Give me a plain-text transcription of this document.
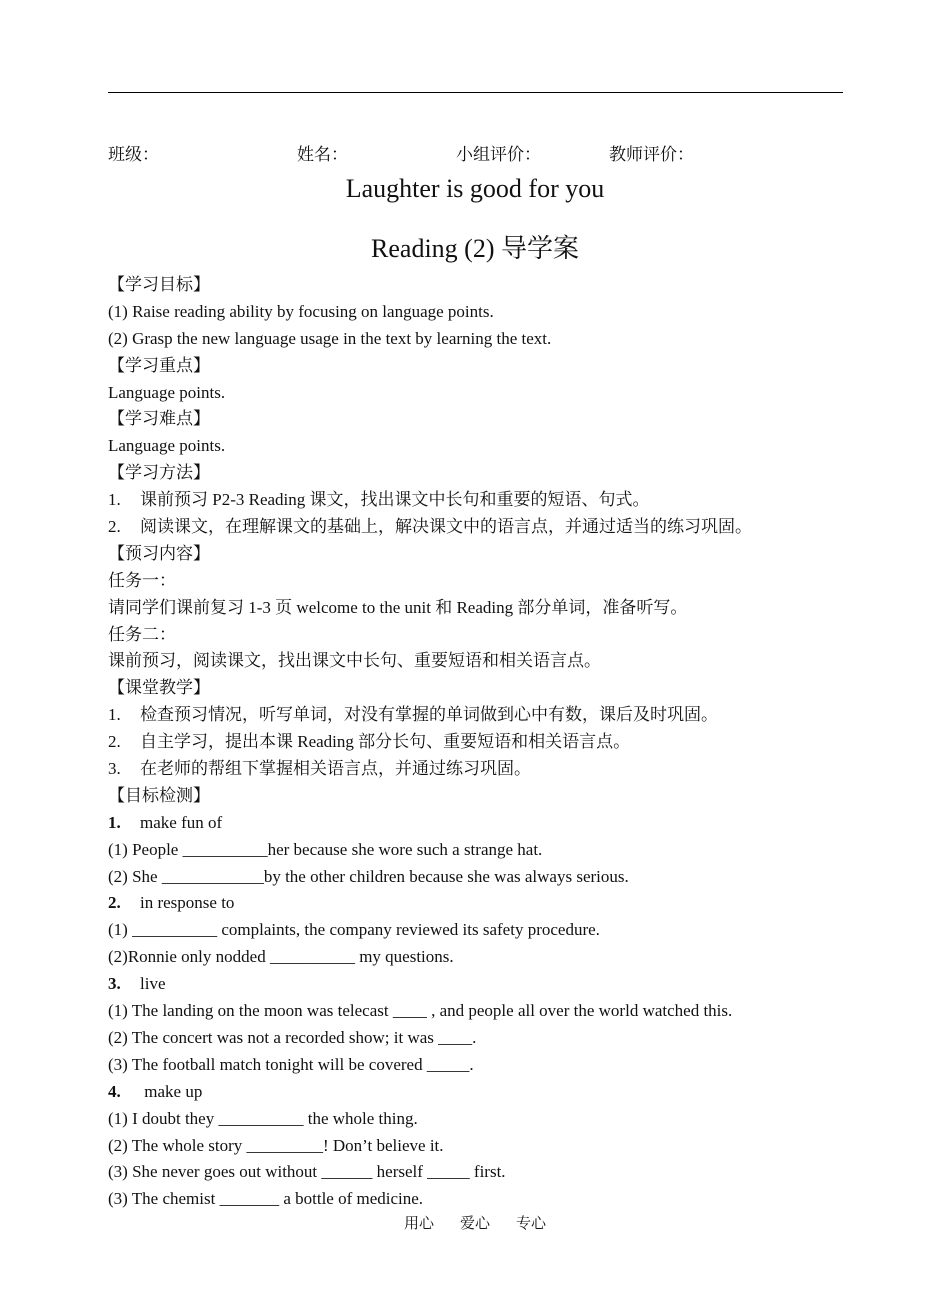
班级：	姓名：	小组评价：	教师评价：
Laughter is good for you
Reading (2) 导学案
【学习目标】
(1) Raise reading ability by focusing on language points.
(2) Grasp the new language usage in the text by learning the text.
【学习重点】
Language points.
【学习难点】
Language points.
【学习方法】
1. 课前预习 P2-3 Reading 课文，找出课文中长句和重要的短语、句式。
2. 阅读课文，在理解课文的基础上，解决课文中的语言点，并通过适当的练习巩固。
【预习内容】
任务一：
请同学们课前复习 1-3 页 welcome to the unit 和 Reading 部分单词，准备听写。
任务二：
课前预习，阅读课文，找出课文中长句、重要短语和相关语言点。
【课堂教学】
1. 检查预习情况，听写单词，对没有掌握的单词做到心中有数，课后及时巩固。
2. 自主学习，提出本课 Reading 部分长句、重要短语和相关语言点。
3. 在老师的帮组下掌握相关语言点，并通过练习巩固。
【目标检测】
1. make fun of
(1) People __________her because she wore such a strange hat.
(2) She ____________by the other children because she was always serious.
2. in response to
(1) __________ complaints, the company reviewed its safety procedure.
(2)Ronnie only nodded __________ my questions.
3. live
(1) The landing on the moon was telecast ____ , and people all over the world watched this.
(2) The concert was not a recorded show; it was ____.
(3) The football match tonight will be covered _____.
4. make up
(1) I doubt they __________ the whole thing.
(2) The whole story _________! Don’t believe it.
(3) She never goes out without ______ herself _____ first.
(3) The chemist _______ a bottle of medicine.
用心 爱心 专心
